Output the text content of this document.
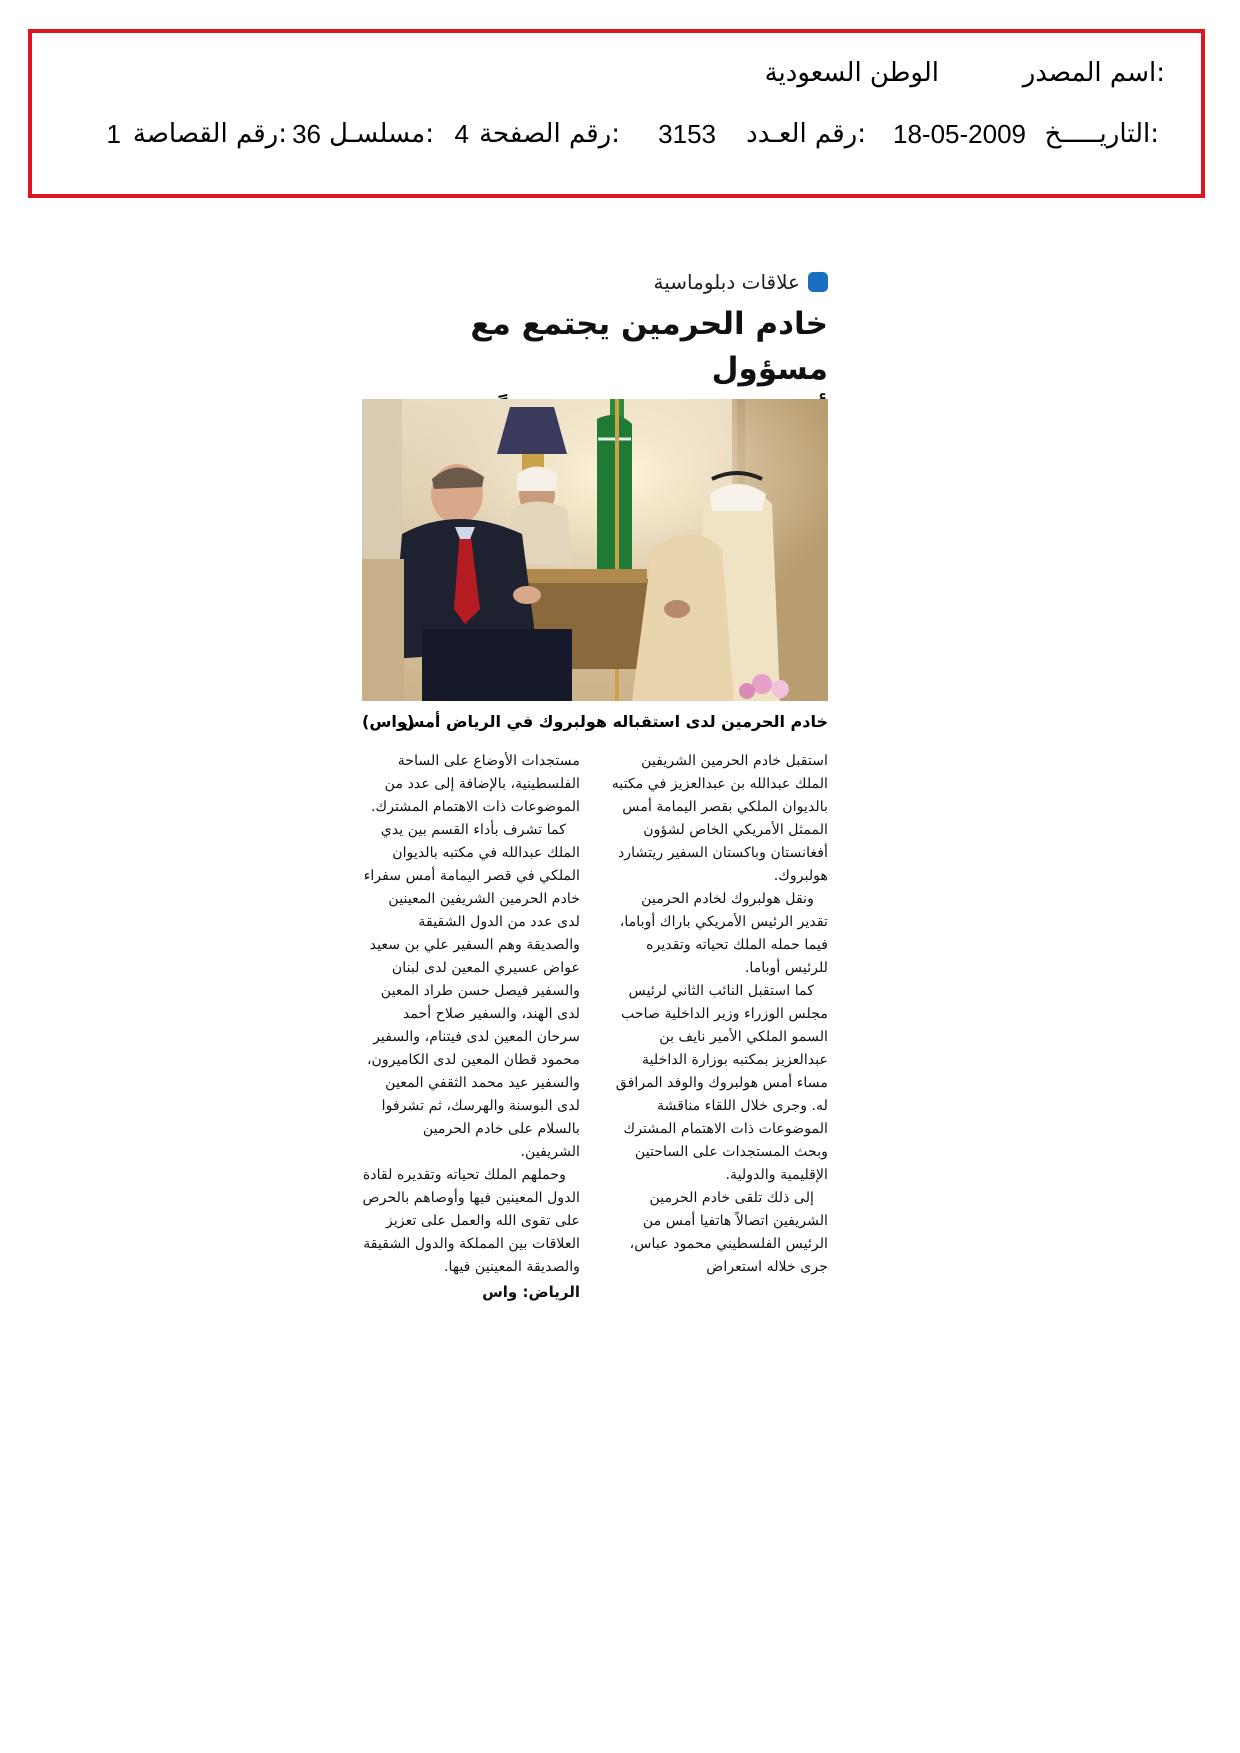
اسم المصدر:
الوطن السعودية
التاريـــــخ:
18-05-2009
رقم العـدد:
3153
رقم الصفحة:
4
مسلسـل:
36
رقم القصاصة:
1
علاقات دبلوماسية
خادم الحرمين يجتمع مع مسؤول
خادم الحرمين لدى استقباله هولبروك في الرياض أمس
(واس)

استقبل خادم الحرمين الشريفين الملك عبدالله بن عبدالعزيز في مكتبه بالديوان الملكي بقصر اليمامة أمس الممثل الأمريكي الخاص لشؤون أفغانستان وباكستان السفير ريتشارد هولبروك.

ونقل هولبروك لخادم الحرمين تقدير الرئيس الأمريكي باراك أوباما، فيما حمله الملك تحياته وتقديره للرئيس أوباما.

كما استقبل النائب الثاني لرئيس مجلس الوزراء وزير الداخلية صاحب السمو الملكي الأمير نايف بن عبدالعزيز بمكتبه بوزارة الداخلية مساء أمس هولبروك والوفد المرافق له. وجرى خلال اللقاء مناقشة الموضوعات ذات الاهتمام المشترك وبحث المستجدات على الساحتين الإقليمية والدولية.

إلى ذلك تلقى خادم الحرمين الشريفين اتصالاً هاتفيا أمس من الرئيس الفلسطيني محمود عباس، جرى خلاله استعراض

مستجدات الأوضاع على الساحة الفلسطينية، بالإضافة إلى عدد من الموضوعات ذات الاهتمام المشترك.

كما تشرف بأداء القسم بين يدي الملك عبدالله في مكتبه بالديوان الملكي في قصر اليمامة أمس سفراء خادم الحرمين الشريفين المعينين لدى عدد من الدول الشقيقة والصديقة وهم السفير علي بن سعيد عواض عسيري المعين لدى لبنان والسفير فيصل حسن طراد المعين لدى الهند، والسفير صلاح أحمد سرحان المعين لدى فيتنام، والسفير محمود قطان المعين لدى الكاميرون، والسفير عيد محمد الثقفي المعين لدى البوسنة والهرسك، ثم تشرفوا بالسلام على خادم الحرمين الشريفين.

وحملهم الملك تحياته وتقديره لقادة الدول المعينين فيها وأوصاهم بالحرص على تقوى الله والعمل على تعزيز العلاقات بين المملكة والدول الشقيقة والصديقة المعينين فيها.

الرياض: واس
